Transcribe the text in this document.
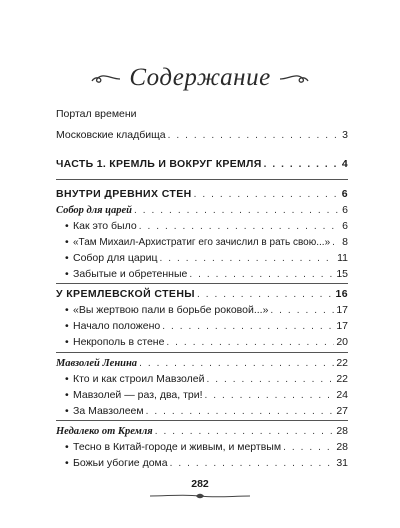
Содержание
Портал времени
Московские кладбища . . .	3
ЧАСТЬ 1. КРЕМЛЬ И ВОКРУГ КРЕМЛЯ . . .	4
ВНУТРИ ДРЕВНИХ СТЕН . . .	6
Собор для царей . . .	6
• Как это было . . .	6
• «Там Михаил-Архистратиг его зачислил в рать свою...» . . . 8
• Собор для цариц . . .	11
• Забытые и обретенные . . .	15
У КРЕМЛЕВСКОЙ СТЕНЫ . . .	16
• «Вы жертвою пали в борьбе роковой...» . . .	17
• Начало положено . . .	17
• Некрополь в стене . . .	20
Мавзолей Ленина . . .	22
• Кто и как строил Мавзолей . . .	22
• Мавзолей — раз, два, три! . . .	24
• За Мавзолеем . . .	27
Недалеко от Кремля . . .	28
• Тесно в Китай-городе и живым, и мертвым . . .	28
• Божьи убогие дома . . .	31
282
